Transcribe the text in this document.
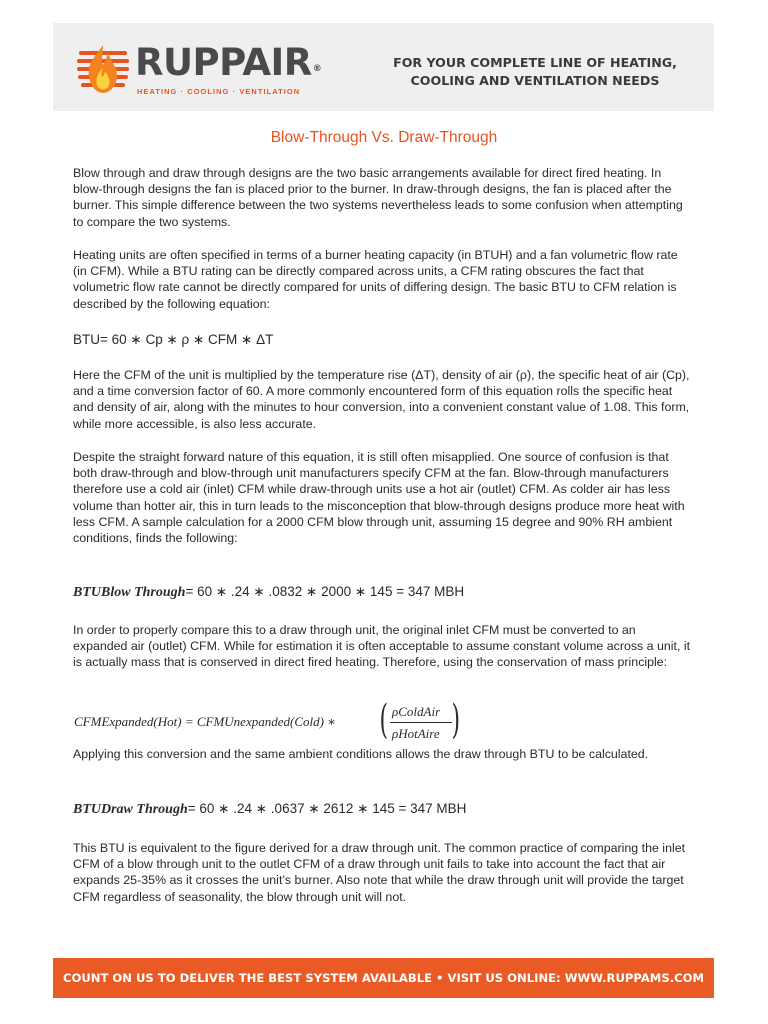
RUPPAIR®
HEATING · COOLING · VENTILATION
FOR YOUR COMPLETE LINE OF HEATING,
COOLING AND VENTILATION NEEDS
Blow-Through Vs. Draw-Through

Blow through and draw through designs are the two basic arrangements available for direct fired heating. In blow-through designs the fan is placed prior to the burner. In draw-through designs, the fan is placed after the burner. This simple difference between the two systems nevertheless leads to some confusion when attempting to compare the two systems.

Heating units are often specified in terms of a burner heating capacity (in BTUH) and a fan volumetric flow rate (in CFM). While a BTU rating can be directly compared across units, a CFM rating obscures the fact that volumetric flow rate cannot be directly compared for units of differing design. The basic BTU to CFM relation is described by the following equation:

BTU= 60 ∗ Cp ∗ ρ ∗ CFM ∗ ΔT

Here the CFM of the unit is multiplied by the temperature rise (ΔT), density of air (ρ), the specific heat of air (Cp), and a time conversion factor of 60. A more commonly encountered form of this equation rolls the specific heat and density of air, along with the minutes to hour conversion, into a convenient constant value of 1.08. This form, while more accessible, is also less accurate.

Despite the straight forward nature of this equation, it is still often misapplied. One source of confusion is that both draw-through and blow-through unit manufacturers specify CFM at the fan. Blow-through manufacturers therefore use a cold air (inlet) CFM while draw-through units use a hot air (outlet) CFM. As colder air has less volume than hotter air, this in turn leads to the misconception that blow-through designs produce more heat with less CFM. A sample calculation for a 2000 CFM blow through unit, assuming 15 degree and 90% RH ambient conditions, finds the following:

BTUBlow Through= 60 ∗ .24 ∗ .0832 ∗ 2000 ∗ 145 = 347 MBH

In order to properly compare this to a draw through unit, the original inlet CFM must be converted to an expanded air (outlet) CFM. While for estimation it is often acceptable to assume constant volume across a unit, it is actually mass that is conserved in direct fired heating. Therefore, using the conservation of mass principle:

CFMExpanded(Hot) = CFMUnexpanded(Cold) ∗ ( ρColdAir
ρHotAire )

Applying this conversion and the same ambient conditions allows the draw through BTU to be calculated.

BTUDraw Through= 60 ∗ .24 ∗ .0637 ∗ 2612 ∗ 145 = 347 MBH

This BTU is equivalent to the figure derived for a draw through unit. The common practice of comparing the inlet CFM of a blow through unit to the outlet CFM of a draw through unit fails to take into account the fact that air expands 25-35% as it crosses the unit’s burner. Also note that while the draw through unit will provide the target CFM regardless of seasonality, the blow through unit will not.

COUNT ON US TO DELIVER THE BEST SYSTEM AVAILABLE • VISIT US ONLINE: WWW.RUPPAMS.COM
